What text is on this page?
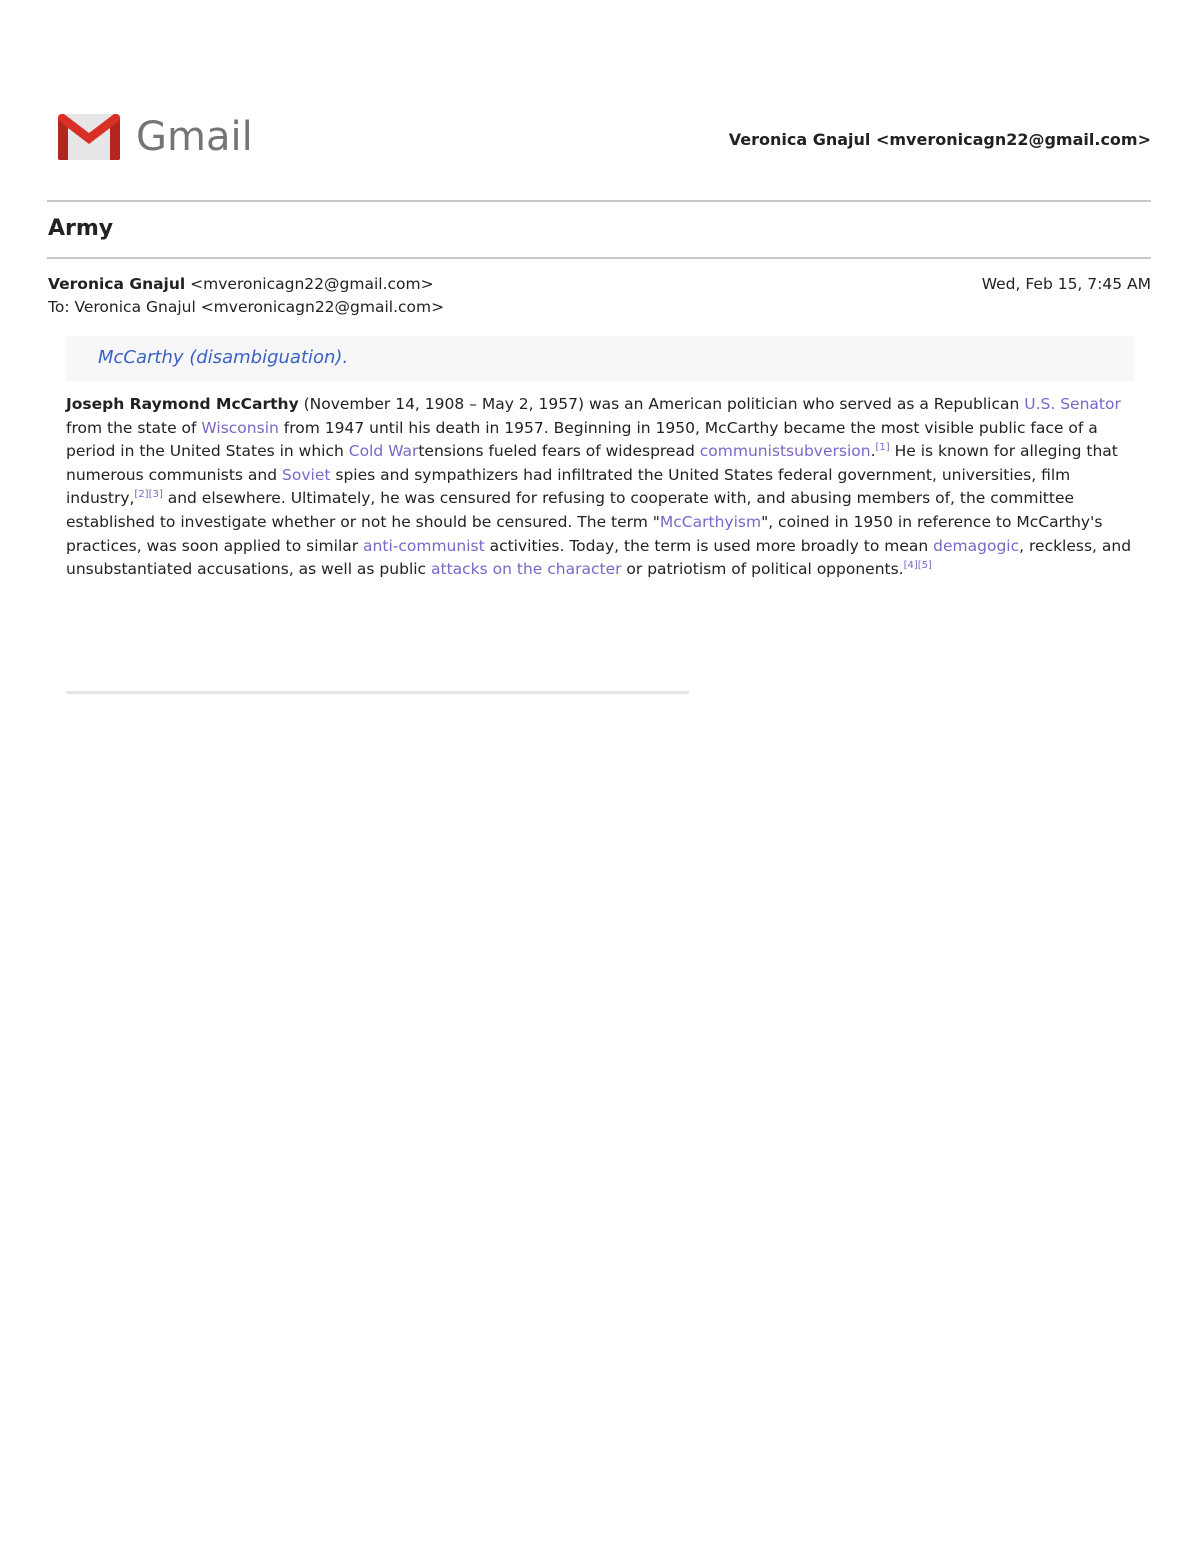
Gmail	Veronica Gnajul <mveronicagn22@gmail.com>
Army
Veronica Gnajul <mveronicagn22@gmail.com>	Wed, Feb 15, 7:45 AM
To: Veronica Gnajul <mveronicagn22@gmail.com>
McCarthy (disambiguation).
Joseph Raymond McCarthy (November 14, 1908 – May 2, 1957) was an American politician who served as a Republican U.S. Senator from the state of Wisconsin from 1947 until his death in 1957. Beginning in 1950, McCarthy became the most visible public face of a period in the United States in which Cold Wartensions fueled fears of widespread communistsubversion.[1] He is known for alleging that numerous communists and Soviet spies and sympathizers had infiltrated the United States federal government, universities, film industry,[2][3] and elsewhere. Ultimately, he was censured for refusing to cooperate with, and abusing members of, the committee established to investigate whether or not he should be censured. The term "McCarthyism", coined in 1950 in reference to McCarthy's practices, was soon applied to similar anti-communist activities. Today, the term is used more broadly to mean demagogic, reckless, and unsubstantiated accusations, as well as public attacks on the character or patriotism of political opponents.[4][5]
